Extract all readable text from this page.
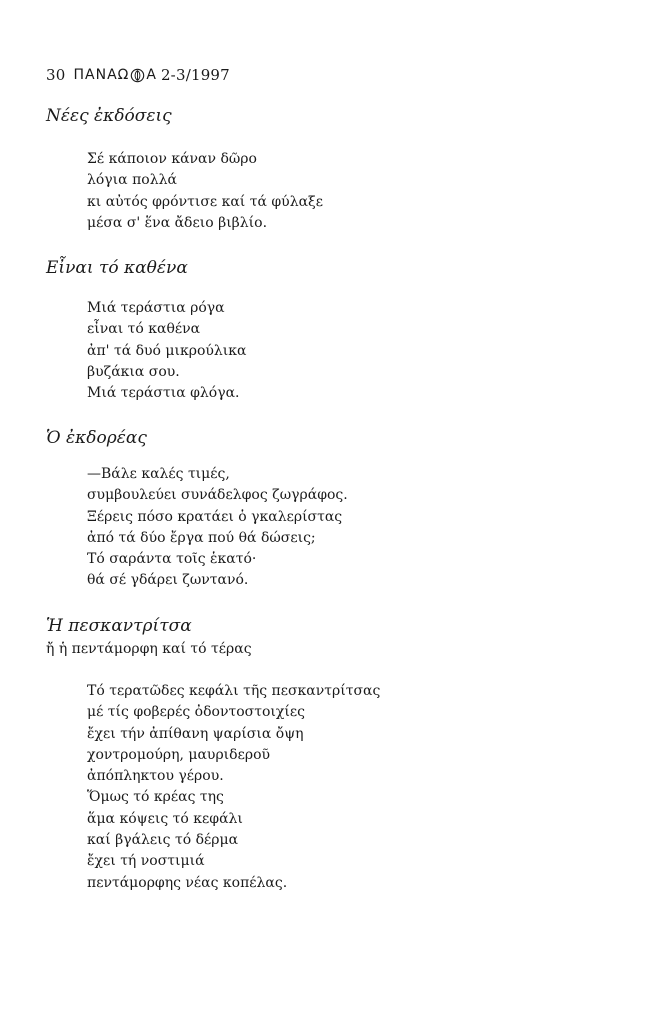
30 ΠΑΝΑΩ Α 2-3/1997
Νέες ἐκδόσεις
Σέ κάποιον κάναν δῶρο
λόγια πολλά
κι αὐτός φρόντισε καί τά φύλαξε
μέσα σ' ἕνα ἄδειο βιβλίο.
Εἶναι τό καθένα
Μιά τεράστια ρόγα
εἶναι τό καθένα
ἀπ' τά δυό μικρούλικα
βυζάκια σου.
Μιά τεράστια φλόγα.
Ὁ ἐκδορέας
—Βάλε καλές τιμές,
συμβουλεύει συνάδελφος ζωγράφος.
Ξέρεις πόσο κρατάει ὁ γκαλερίστας
ἀπό τά δύο ἔργα πού θά δώσεις;
Τό σαράντα τοῖς ἑκατό·
θά σέ γδάρει ζωντανό.
Ἡ πεσκαντρίτσα
ἤ ἡ πεντάμορφη καί τό τέρας
Τό τερατῶδες κεφάλι τῆς πεσκαντρίτσας
μέ τίς φοβερές ὀδοντοστοιχίες
ἔχει τήν ἀπίθανη ψαρίσια ὄψη
χοντρομούρη, μαυριδεροῦ
ἀπόπληκτου γέρου.
Ὅμως τό κρέας της
ἅμα κόψεις τό κεφάλι
καί βγάλεις τό δέρμα
ἔχει τή νοστιμιά
πεντάμορφης νέας κοπέλας.
